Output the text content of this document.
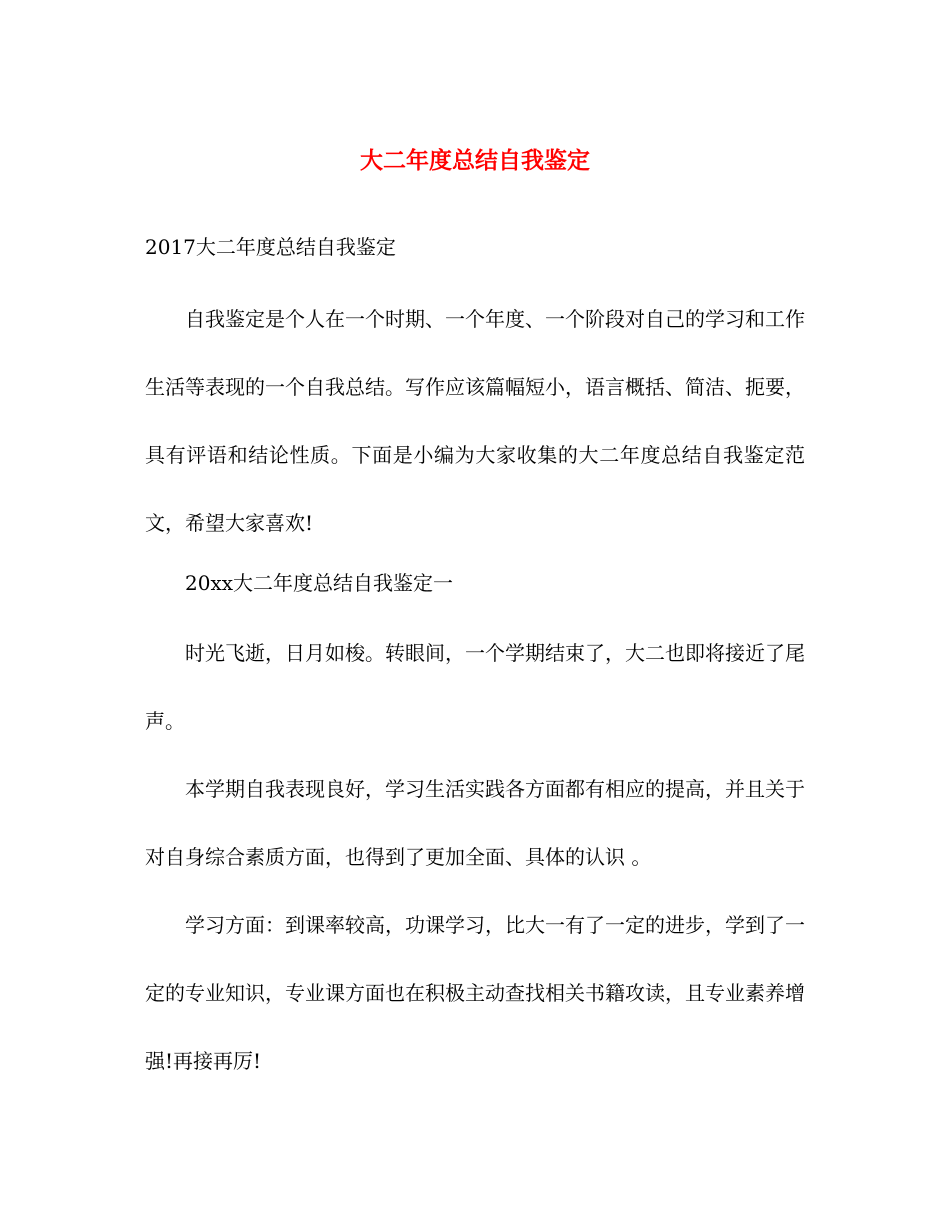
大二年度总结自我鉴定

2017大二年度总结自我鉴定

自我鉴定是个人在一个时期、一个年度、一个阶段对自己的学习和工作生活等表现的一个自我总结。写作应该篇幅短小，语言概括、简洁、扼要，具有评语和结论性质。下面是小编为大家收集的大二年度总结自我鉴定范文，希望大家喜欢!

20xx大二年度总结自我鉴定一

时光飞逝，日月如梭。转眼间，一个学期结束了，大二也即将接近了尾声。

本学期自我表现良好，学习生活实践各方面都有相应的提高，并且关于对自身综合素质方面，也得到了更加全面、具体的认识 。

学习方面：到课率较高，功课学习，比大一有了一定的进步，学到了一定的专业知识，专业课方面也在积极主动查找相关书籍攻读，且专业素养增强!再接再厉!
